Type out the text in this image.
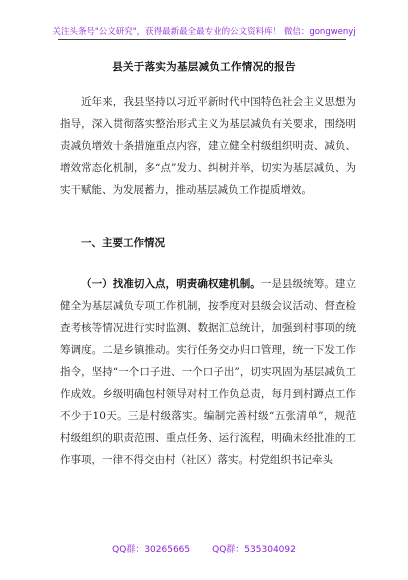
关注头条号"公文研究"，获得最新最全最专业的公文资料库！ 微信：gongwenyj
县关于落实为基层减负工作情况的报告
近年来，我县坚持以习近平新时代中国特色社会主义思想为指导，深入贯彻落实整治形式主义为基层减负有关要求，围绕明责减负增效十条措施重点内容，建立健全村级组织明责、减负、增效常态化机制，多“点”发力、纠树并举，切实为基层减负、为实干赋能、为发展蓄力，推动基层减负工作提质增效。
一、主要工作情况
（一）找准切入点，明责确权建机制。一是县级统筹。建立健全为基层减负专项工作机制，按季度对县级会议活动、督查检查考核等情况进行实时监测、数据汇总统计，加强到村事项的统筹调度。二是乡镇推动。实行任务交办归口管理，统一下发工作指令，坚持“一个口子进、一个口子出”，切实巩固为基层减负工作成效。乡级明确包村领导对村工作负总责，每月到村蹲点工作不少于10天。三是村级落实。编制完善村级“五张清单”，规范村级组织的职责范围、重点任务、运行流程，明确未经批准的工作事项，一律不得交由村（社区）落实。村党组织书记牵头
QQ群：30265665 QQ群：535304092
